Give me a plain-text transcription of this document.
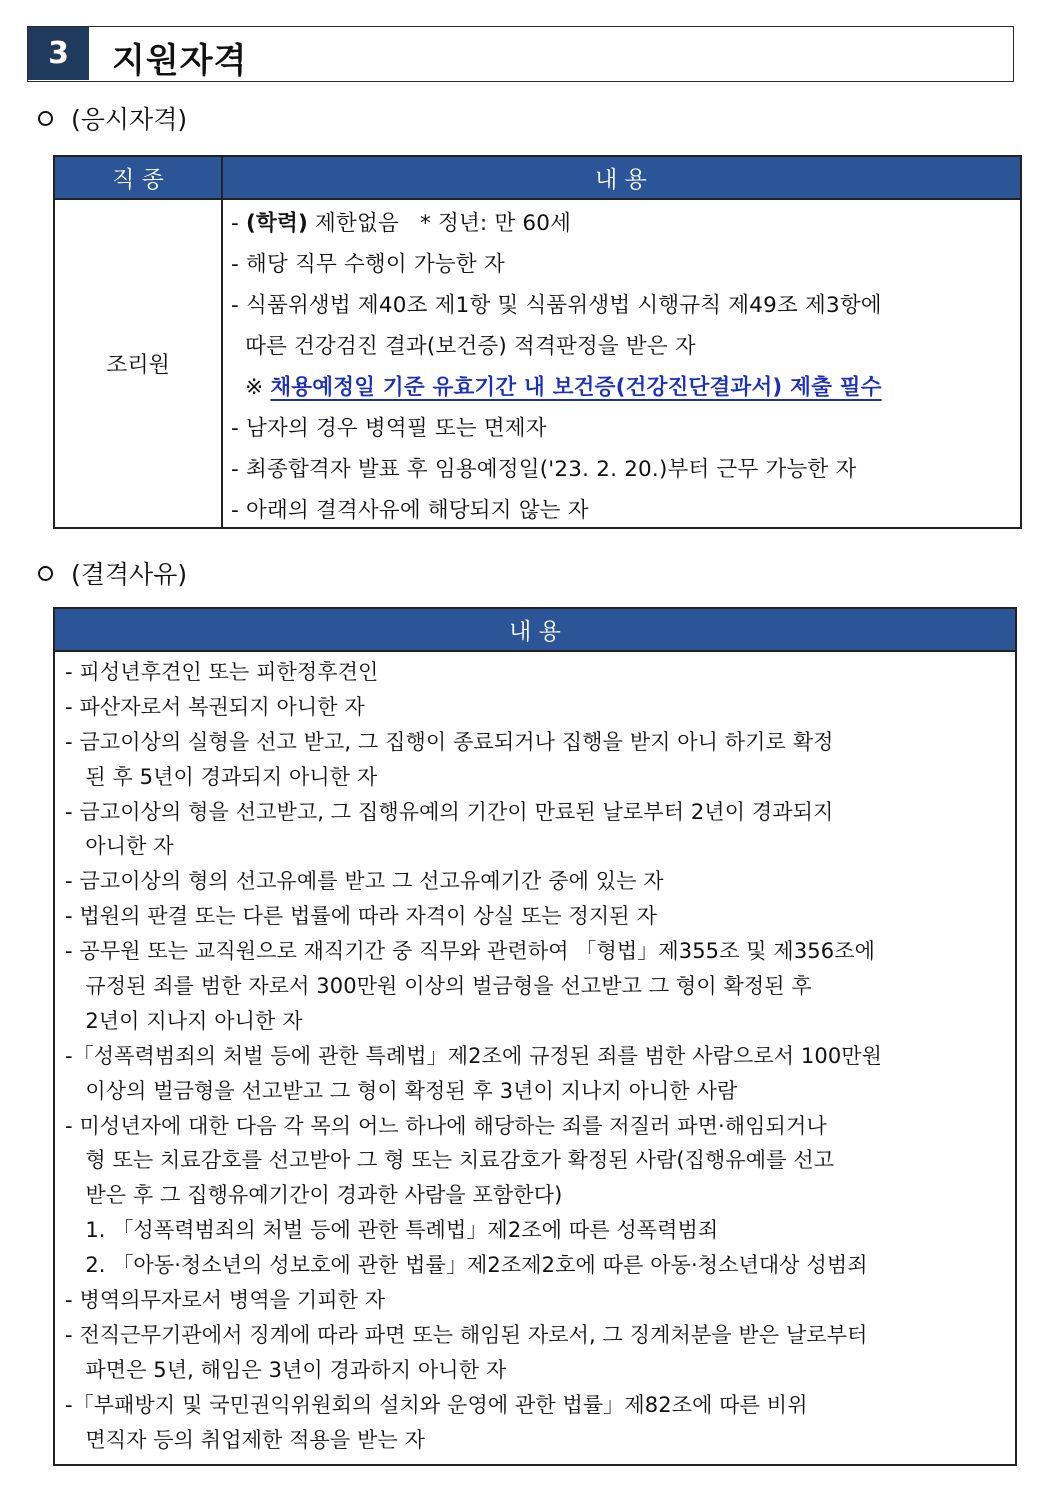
3	지원자격
(응시자격)
직 종	내 용
조리원
- (학력) 제한없음   * 정년: 만 60세
- 해당 직무 수행이 가능한 자
- 식품위생법 제40조 제1항 및 식품위생법 시행규칙 제49조 제3항에
따른 건강검진 결과(보건증) 적격판정을 받은 자
※ 채용예정일 기준 유효기간 내 보건증(건강진단결과서) 제출 필수
- 남자의 경우 병역필 또는 면제자
- 최종합격자 발표 후 임용예정일('23. 2. 20.)부터 근무 가능한 자
- 아래의 결격사유에 해당되지 않는 자
(결격사유)
내 용
- 피성년후견인 또는 피한정후견인
- 파산자로서 복권되지 아니한 자
- 금고이상의 실형을 선고 받고, 그 집행이 종료되거나 집행을 받지 아니 하기로 확정
된 후 5년이 경과되지 아니한 자
- 금고이상의 형을 선고받고, 그 집행유예의 기간이 만료된 날로부터 2년이 경과되지
아니한 자
- 금고이상의 형의 선고유예를 받고 그 선고유예기간 중에 있는 자
- 법원의 판결 또는 다른 법률에 따라 자격이 상실 또는 정지된 자
- 공무원 또는 교직원으로 재직기간 중 직무와 관련하여 「형법」제355조 및 제356조에
규정된 죄를 범한 자로서 300만원 이상의 벌금형을 선고받고 그 형이 확정된 후
2년이 지나지 아니한 자
-「성폭력범죄의 처벌 등에 관한 특례법」제2조에 규정된 죄를 범한 사람으로서 100만원
이상의 벌금형을 선고받고 그 형이 확정된 후 3년이 지나지 아니한 사람
- 미성년자에 대한 다음 각 목의 어느 하나에 해당하는 죄를 저질러 파면·해임되거나
형 또는 치료감호를 선고받아 그 형 또는 치료감호가 확정된 사람(집행유예를 선고
받은 후 그 집행유예기간이 경과한 사람을 포함한다)
1. 「성폭력범죄의 처벌 등에 관한 특례법」제2조에 따른 성폭력범죄
2. 「아동·청소년의 성보호에 관한 법률」제2조제2호에 따른 아동·청소년대상 성범죄
- 병역의무자로서 병역을 기피한 자
- 전직근무기관에서 징계에 따라 파면 또는 해임된 자로서, 그 징계처분을 받은 날로부터
파면은 5년, 해임은 3년이 경과하지 아니한 자
-「부패방지 및 국민권익위원회의 설치와 운영에 관한 법률」제82조에 따른 비위
면직자 등의 취업제한 적용을 받는 자
